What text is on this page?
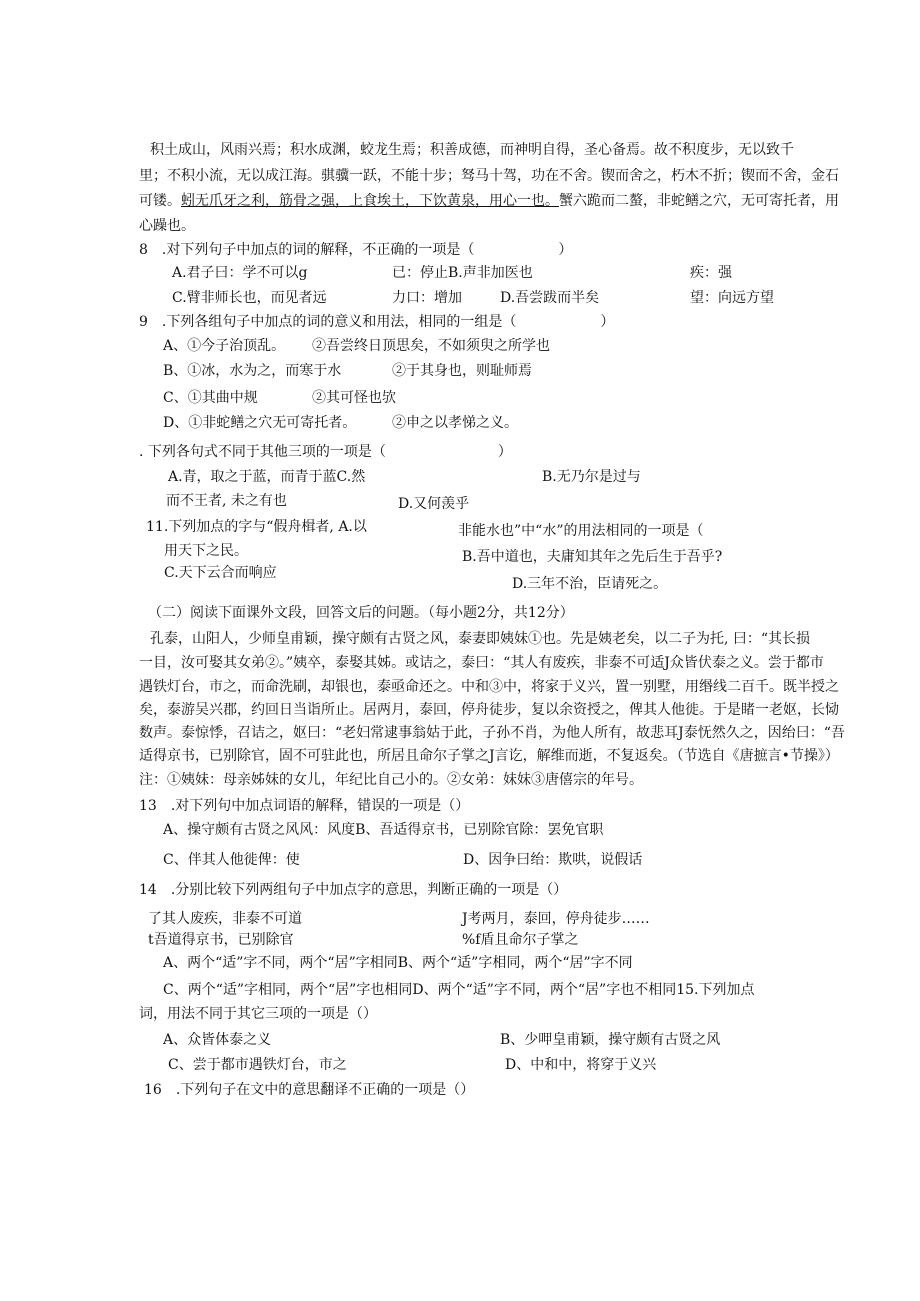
积土成山，风雨兴焉；积水成渊，蛟龙生焉；积善成德，而神明自得，圣心备焉。故不积度步，无以致千
里；不积小流，无以成江海。骐骥一跃，不能十步；驽马十驾，功在不舍。锲而舍之，朽木不折；锲而不舍，金石
可镂。蚓无爪牙之利，筋骨之强，上食埃土，下饮黄泉，用心一也。蟹六跪而二螯，非蛇鳝之穴，无可寄托者，用
心躁也。
8　.对下列句子中加点的词的解释，不正确的一项是（　　　　　　）
A.君子曰：学不可以g	已：停止B.声非加医也	疾：强
C.臂非师长也，而见者远	力口：增加	D.吾尝跋而半矣	望：向远方望
9　.下列各组句子中加点的词的意义和用法，相同的一组是（　　　　　　）
A、①今子治顶乱。 ②吾尝终日顶思矣，不如须臾之所学也
B、①冰，水为之，而寒于水	②于其身也，则耻师焉
C、①其曲中规	②其可怪也欤
D、①非蛇鳝之穴无可寄托者。	②申之以孝悌之义。
. 下列各句式不同于其他三项的一项是（　　　　　　　　）
A.青，取之于蓝，而青于蓝C.然	B.无乃尔是过与
而不王者, 未之有也	D.又何羡乎
11.下列加点的字与“假舟楫者, A.以	非能水也”中“水”的用法相同的一项是（
用天下之民。	B.吾中道也，夫庸知其年之先后生于吾乎?
C.天下云合而响应
D.三年不治，臣请死之。
（二）阅读下面课外文段，回答文后的问题。（每小题2分，共12分）
孔泰，山阳人，少师皇甫颖，操守颇有古贤之风，泰妻即姨妹①也。先是姨老矣，以二子为托, 曰：“其长损
一目，汝可娶其女弟②。”姨卒，泰娶其姊。或诘之，泰曰：“其人有废疾，非泰不可适J众皆伏泰之义。尝于都市
遇铁灯台，市之，而命洗刷，却银也，泰亟命还之。中和③中，将家于义兴，置一别墅，用缗线二百千。既半授之
矣，泰游吴兴郡，约回日当诣所止。居两月，泰回，停舟徒步，复以余资授之，俾其人他徙。于是睹一老妪，长恸
数声。泰惊悸，召诘之，妪曰：“老妇常逮事翁姑于此，子孙不肖，为他人所有，故悲耳J泰怃然久之，因绐曰：“吾
适得京书，已别除官，固不可驻此也，所居且命尔子掌之J言讫，解维而逝，不复返矣。（节选自《唐摭言•节操》）
注：①姨妹：母亲姊妹的女儿，年纪比自己小的。②女弟：妹妹③唐僖宗的年号。
13　.对下列句中加点词语的解释，错误的一项是（）
A、操守颇有古贤之风风：风度B、吾适得京书，已别除官除：罢免官职
C、伴其人他徙俾：使	D、因争曰绐：欺哄，说假话
14　.分别比较下列两组句子中加点字的意思，判断正确的一项是（）
了其人废疾，非泰不可道	J考两月，泰回，停舟徒步……
t吾道得京书，已别除官	%f盾且命尔子掌之
A、两个“适”字不同，两个“居”字相同B、两个“适”字相同，两个“居”字不同
C、两个“适”字相同，两个“居”字也相同D、两个“适”字不同，两个“居”字也不相同15.下列加点
词，用法不同于其它三项的一项是（）
A、众皆体泰之义	B、少呷皇甫颖，操守颇有古贤之风
C、尝于都市遇铁灯台，市之	D、中和中，将穿于义兴
16　.下列句子在文中的意思翻译不正确的一项是（）
